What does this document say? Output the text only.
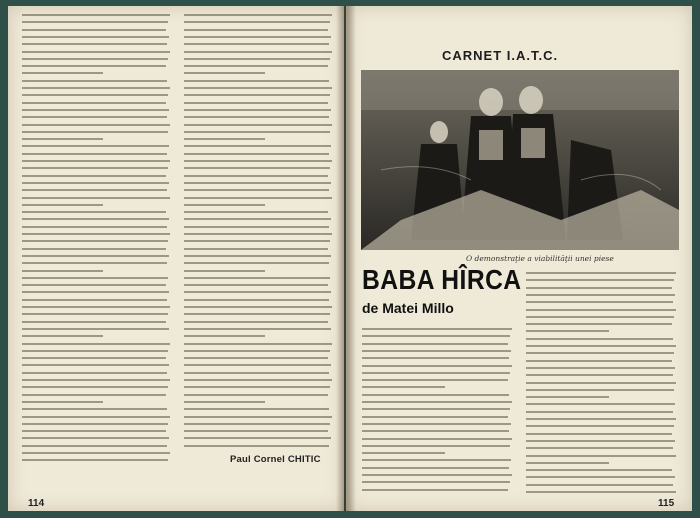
Paul Cornel CHITIC
114
CARNET I.A.T.C.
O demonstraţie a viabilităţii unei piese
BABA HÎRCA
de Matei Millo
115
